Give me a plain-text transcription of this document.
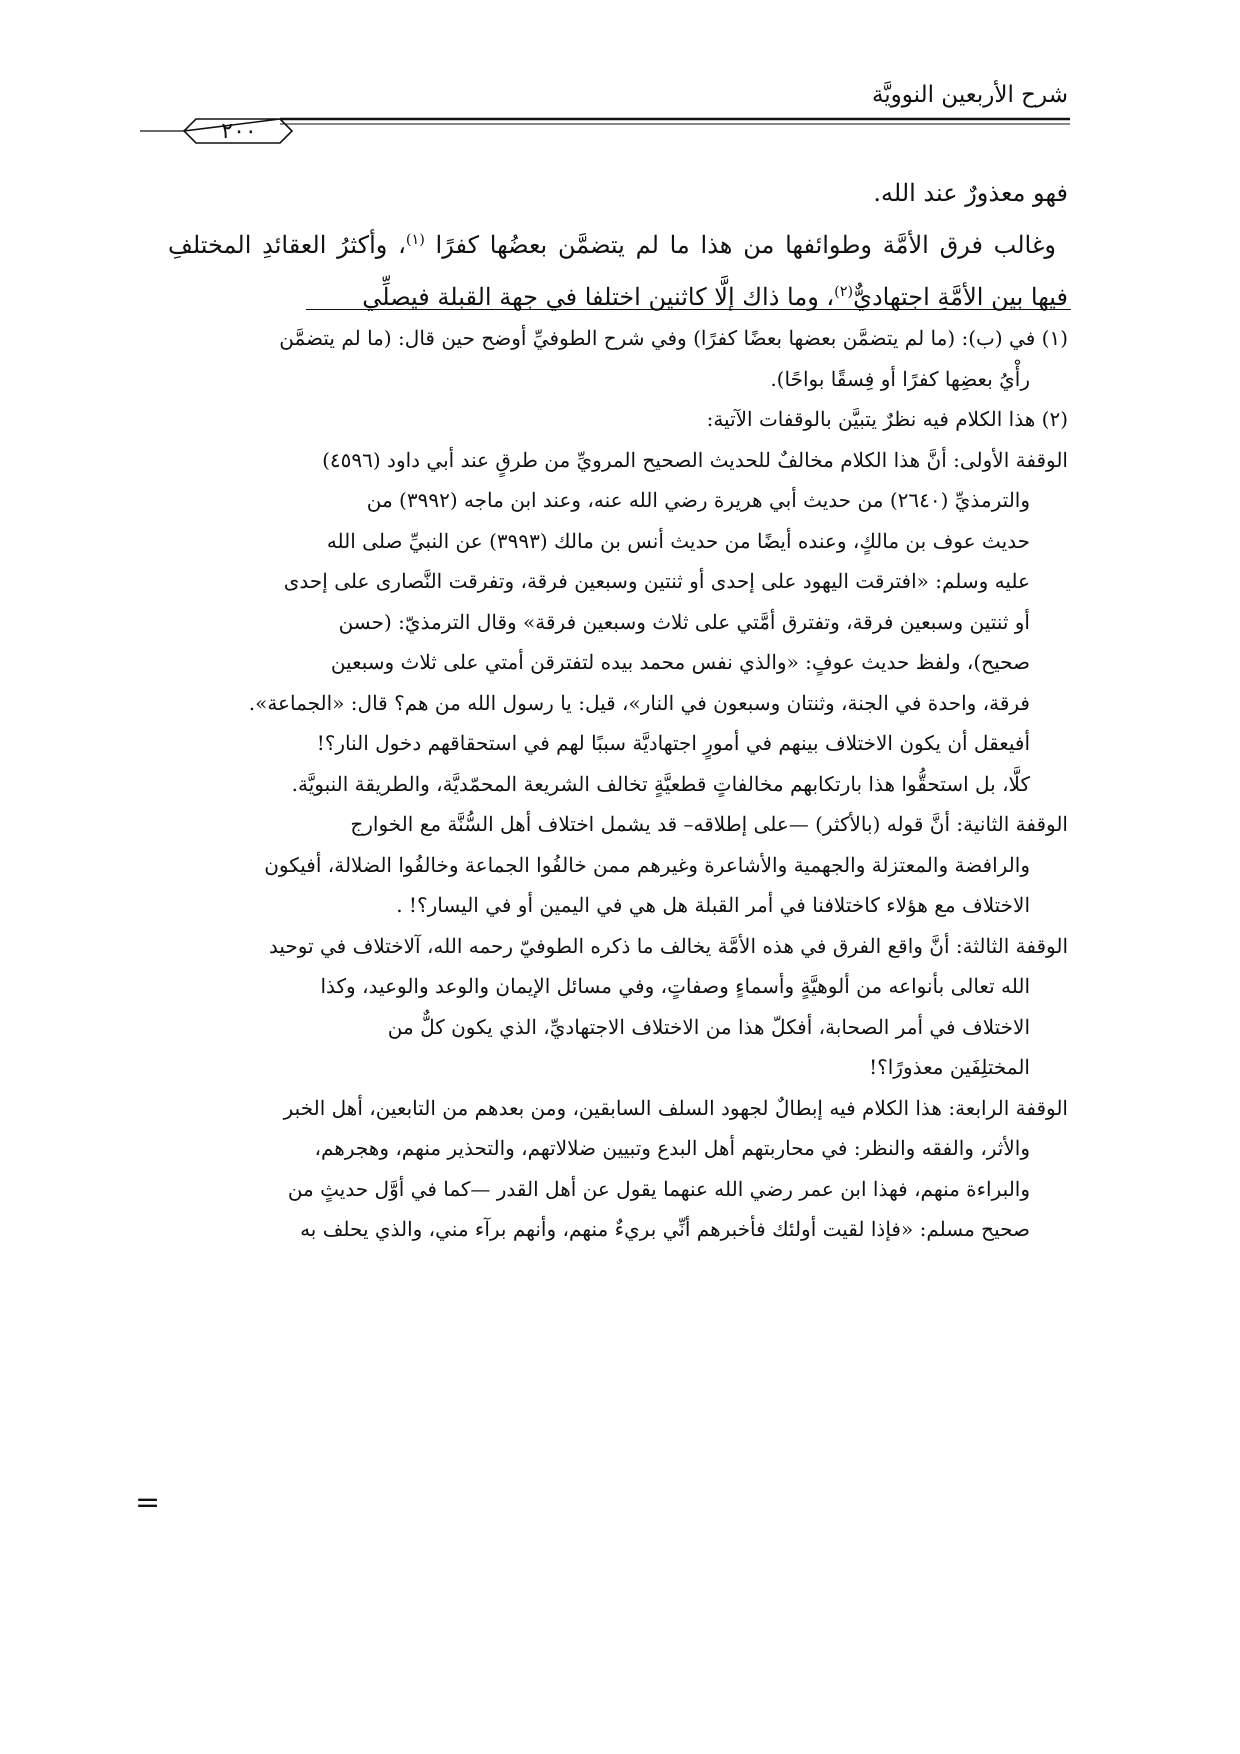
شرح الأربعين النوويَّة
٢٠٠

فهو معذورٌ عند الله.

وغالب فرق الأمَّة وطوائفها من هذا ما لم يتضمَّن بعضُها كفرًا $^{(١)}$، وأكثرُ العقائدِ المختلفِ فيها بين الأمَّةِ اجتهاديٌّ$^{(٢)}$، وما ذاك إلَّا كاثنين اختلفا في جهة القبلة فيصلِّي

(١) في (ب): (ما لم يتضمَّن بعضها بعضًا كفرًا) وفي شرح الطوفيِّ أوضح حين قال: (ما لم يتضمَّن

رأْيُ بعضِها كفرًا أو فِسقًا بواحًا).

(٢) هذا الكلام فيه نظرٌ يتبيَّن بالوقفات الآتية:

الوقفة الأولى: أنَّ هذا الكلام مخالفٌ للحديث الصحيح المرويِّ من طرقٍ عند أبي داود (٤٥٩٦)

والترمذيِّ (٢٦٤٠) من حديث أبي هريرة رضي الله عنه، وعند ابن ماجه (٣٩٩٢) من

حديث عوف بن مالكٍ، وعنده أيضًا من حديث أنس بن مالك (٣٩٩٣) عن النبيِّ صلى الله

عليه وسلم: «افترقت اليهود على إحدى أو ثنتين وسبعين فرقة، وتفرقت النَّصارى على إحدى

أو ثنتين وسبعين فرقة، وتفترق أمَّتي على ثلاث وسبعين فرقة» وقال الترمذيّ: (حسن

صحيح)، ولفظ حديث عوفٍ: «والذي نفس محمد بيده لتفترقن أمتي على ثلاث وسبعين

فرقة، واحدة في الجنة، وثنتان وسبعون في النار»، قيل: يا رسول الله من هم؟ قال: «الجماعة».

أفيعقل أن يكون الاختلاف بينهم في أمورٍ اجتهاديَّة سببًا لهم في استحقاقهم دخول النار؟!

كلَّا، بل استحقُّوا هذا بارتكابهم مخالفاتٍ قطعيَّةٍ تخالف الشريعة المحمّديَّة، والطريقة النبويَّة.

الوقفة الثانية: أنَّ قوله (بالأكثر) —على إطلاقه– قد يشمل اختلاف أهل السُّنَّة مع الخوارج

والرافضة والمعتزلة والجهمية والأشاعرة وغيرهم ممن خالفُوا الجماعة وخالفُوا الضلالة، أفيكون

الاختلاف مع هؤلاء كاختلافنا في أمر القبلة هل هي في اليمين أو في اليسار؟! .

الوقفة الثالثة: أنَّ واقع الفرق في هذه الأمَّة يخالف ما ذكره الطوفيّ رحمه الله، آلاختلاف في توحيد

الله تعالى بأنواعه من ألوهيَّةٍ وأسماءٍ وصفاتٍ، وفي مسائل الإيمان والوعد والوعيد، وكذا

الاختلاف في أمر الصحابة، أفكلّ هذا من الاختلاف الاجتهاديِّ، الذي يكون كلٌّ من

المختلِفَين معذورًا؟!

الوقفة الرابعة: هذا الكلام فيه إبطالٌ لجهود السلف السابقين، ومن بعدهم من التابعين، أهل الخبر

والأثر، والفقه والنظر: في محاربتهم أهل البدع وتبيين ضلالاتهم، والتحذير منهم، وهجرهم،

والبراءة منهم، فهذا ابن عمر رضي الله عنهما يقول عن أهل القدر —كما في أوَّل حديثٍ من

صحيح مسلم: «فإذا لقيت أولئك فأخبرهم أنِّي بريءٌ منهم، وأنهم برآء مني، والذي يحلف به

=
